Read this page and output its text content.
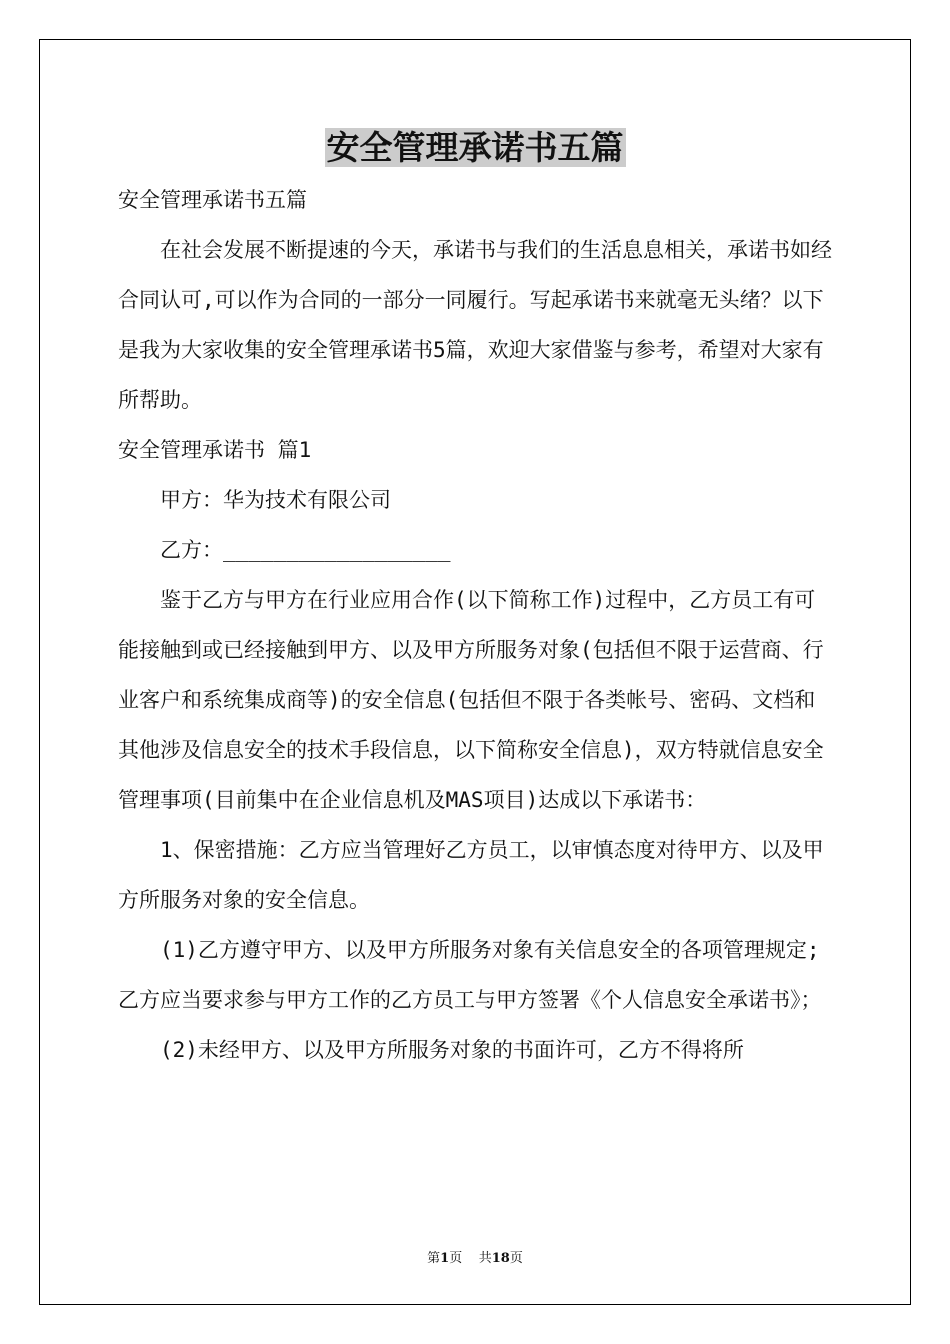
安全管理承诺书五篇

安全管理承诺书五篇

在社会发展不断提速的今天，承诺书与我们的生活息息相关，承诺书如经合同认可,可以作为合同的一部分一同履行。写起承诺书来就毫无头绪？以下是我为大家收集的安全管理承诺书5篇，欢迎大家借鉴与参考，希望对大家有所帮助。

安全管理承诺书 篇1

甲方：华为技术有限公司

乙方：__________________

鉴于乙方与甲方在行业应用合作(以下简称工作)过程中，乙方员工有可能接触到或已经接触到甲方、以及甲方所服务对象(包括但不限于运营商、行业客户和系统集成商等)的安全信息(包括但不限于各类帐号、密码、文档和其他涉及信息安全的技术手段信息，以下简称安全信息)，双方特就信息安全管理事项(目前集中在企业信息机及MAS项目)达成以下承诺书：

1、保密措施：乙方应当管理好乙方员工，以审慎态度对待甲方、以及甲方所服务对象的安全信息。

(1)乙方遵守甲方、以及甲方所服务对象有关信息安全的各项管理规定;乙方应当要求参与甲方工作的乙方员工与甲方签署《个人信息安全承诺书》；

(2)未经甲方、以及甲方所服务对象的书面许可，乙方不得将所

第1页    共18页
